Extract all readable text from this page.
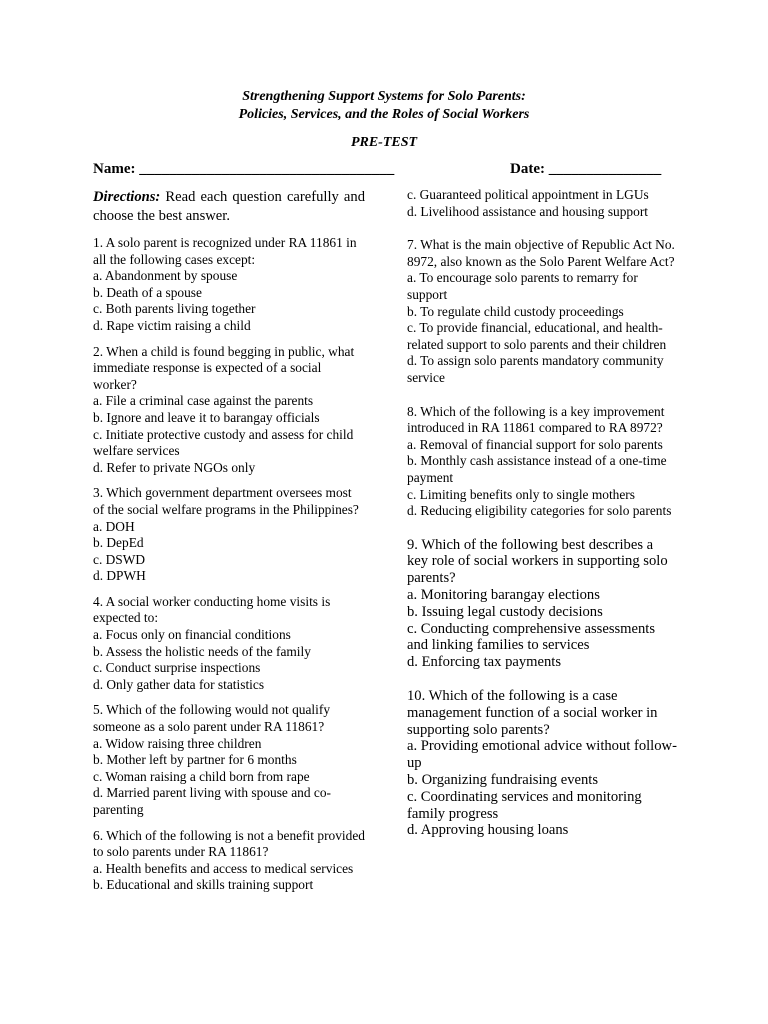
Strengthening Support Systems for Solo Parents:
Policies, Services, and the Roles of Social Workers
PRE-TEST
Name: __________________________________	Date: _______________
Directions: Read each question carefully and choose the best answer.

1. A solo parent is recognized under RA 11861 in all the following cases except:

a. Abandonment by spouse

b. Death of a spouse

c. Both parents living together

d. Rape victim raising a child

2. When a child is found begging in public, what immediate response is expected of a social worker?

a. File a criminal case against the parents

b. Ignore and leave it to barangay officials

c. Initiate protective custody and assess for child welfare services

d. Refer to private NGOs only

3. Which government department oversees most of the social welfare programs in the Philippines?

a. DOH

b. DepEd

c. DSWD

d. DPWH

4. A social worker conducting home visits is expected to:

a. Focus only on financial conditions

b. Assess the holistic needs of the family

c. Conduct surprise inspections

d. Only gather data for statistics

5. Which of the following would not qualify someone as a solo parent under RA 11861?

a. Widow raising three children

b. Mother left by partner for 6 months

c. Woman raising a child born from rape

d. Married parent living with spouse and co-parenting

6. Which of the following is not a benefit provided to solo parents under RA 11861?

a. Health benefits and access to medical services

b. Educational and skills training support

c. Guaranteed political appointment in LGUs

d. Livelihood assistance and housing support

7. What is the main objective of Republic Act No. 8972, also known as the Solo Parent Welfare Act?

a. To encourage solo parents to remarry for support

b. To regulate child custody proceedings

c. To provide financial, educational, and health-related support to solo parents and their children

d. To assign solo parents mandatory community service

8. Which of the following is a key improvement introduced in RA 11861 compared to RA 8972?

a. Removal of financial support for solo parents

b. Monthly cash assistance instead of a one-time payment

c. Limiting benefits only to single mothers

d. Reducing eligibility categories for solo parents

9. Which of the following best describes a key role of social workers in supporting solo parents?

a. Monitoring barangay elections

b. Issuing legal custody decisions

c. Conducting comprehensive assessments and linking families to services

d. Enforcing tax payments

10. Which of the following is a case management function of a social worker in supporting solo parents?

a. Providing emotional advice without follow-up

b. Organizing fundraising events

c. Coordinating services and monitoring family progress

d. Approving housing loans
